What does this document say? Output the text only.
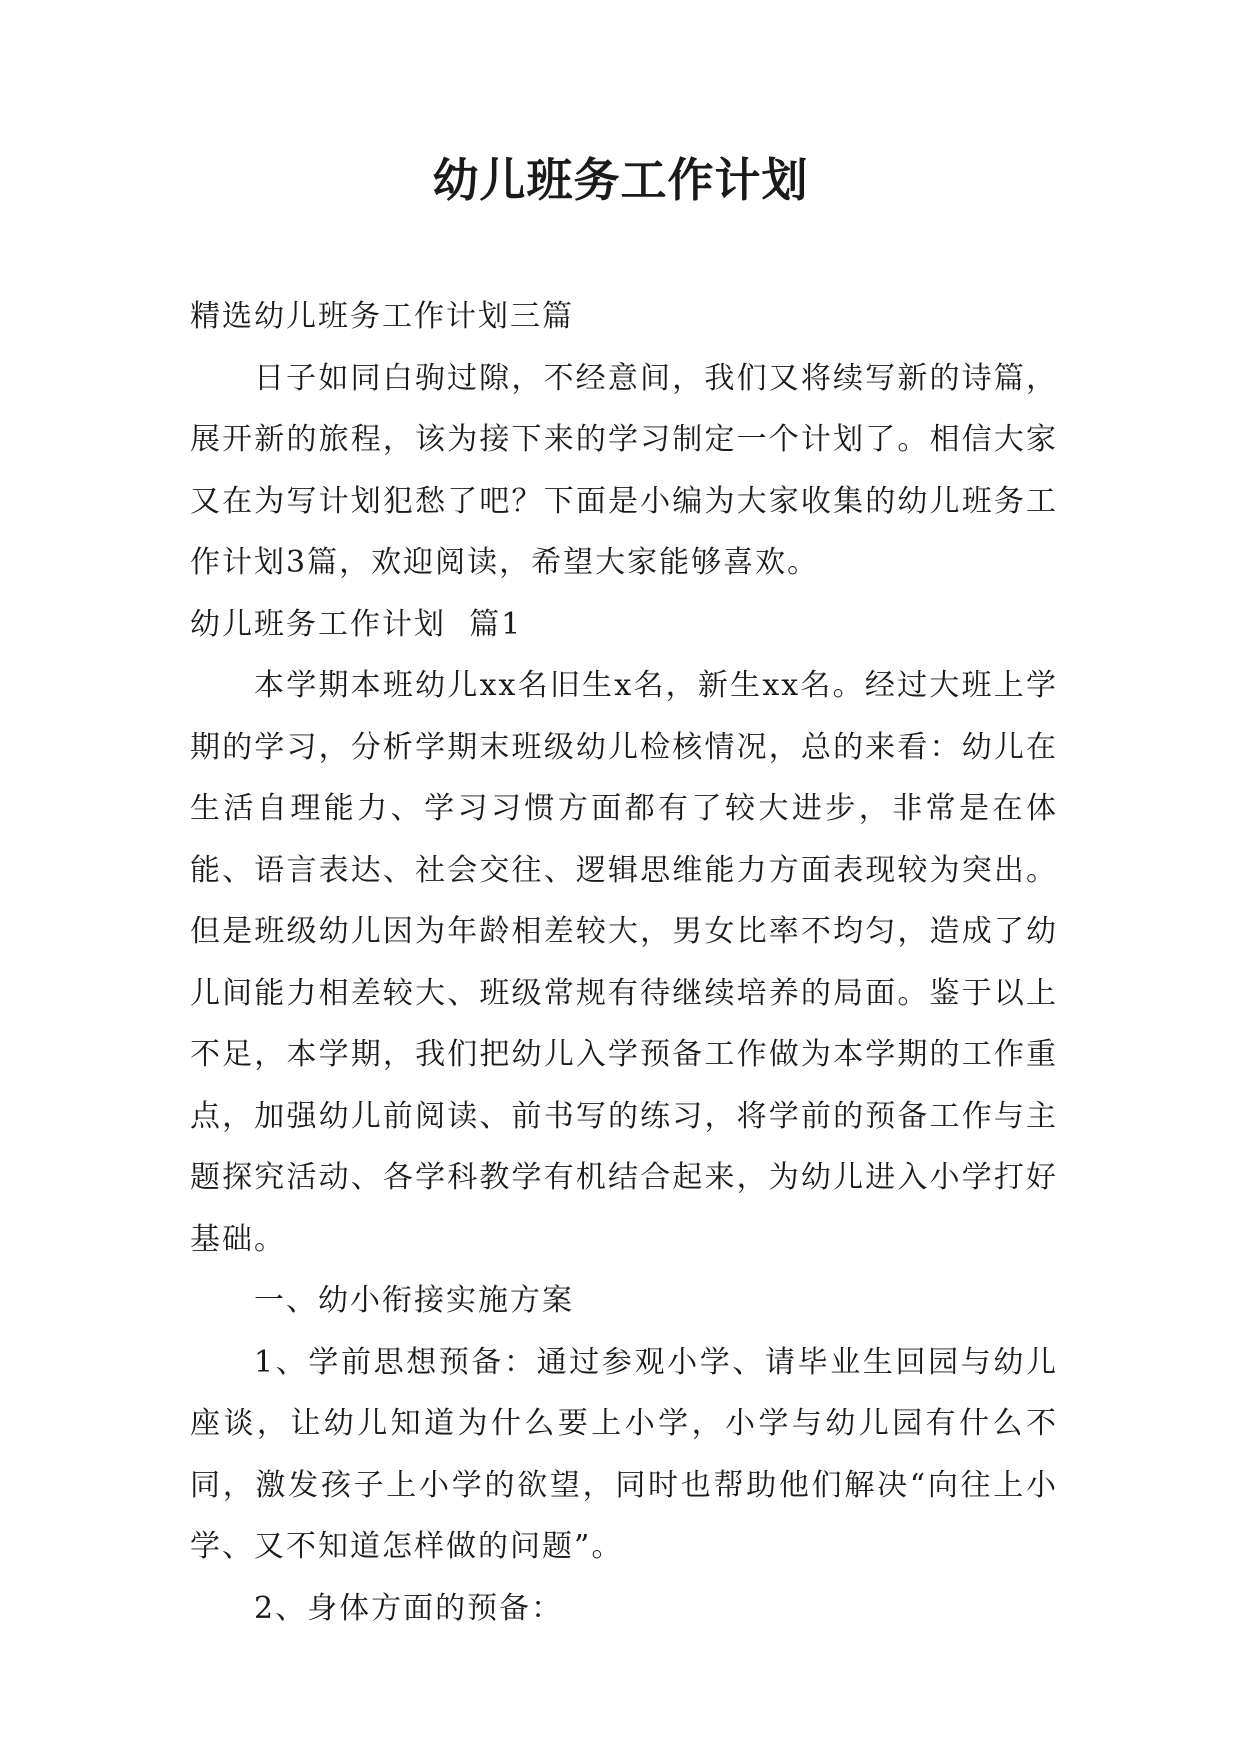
幼儿班务工作计划

精选幼儿班务工作计划三篇

日子如同白驹过隙，不经意间，我们又将续写新的诗篇，展开新的旅程，该为接下来的学习制定一个计划了。相信大家又在为写计划犯愁了吧？下面是小编为大家收集的幼儿班务工作计划3篇，欢迎阅读，希望大家能够喜欢。

幼儿班务工作计划  篇1

本学期本班幼儿xx名旧生x名，新生xx名。经过大班上学期的学习，分析学期末班级幼儿检核情况，总的来看：幼儿在生活自理能力、学习习惯方面都有了较大进步，非常是在体能、语言表达、社会交往、逻辑思维能力方面表现较为突出。但是班级幼儿因为年龄相差较大，男女比率不均匀，造成了幼儿间能力相差较大、班级常规有待继续培养的局面。鉴于以上不足，本学期，我们把幼儿入学预备工作做为本学期的工作重点，加强幼儿前阅读、前书写的练习，将学前的预备工作与主题探究活动、各学科教学有机结合起来，为幼儿进入小学打好基础。

一、幼小衔接实施方案

1、学前思想预备：通过参观小学、请毕业生回园与幼儿座谈，让幼儿知道为什么要上小学，小学与幼儿园有什么不同，激发孩子上小学的欲望，同时也帮助他们解决“向往上小学、又不知道怎样做的问题”。

2、身体方面的预备：
